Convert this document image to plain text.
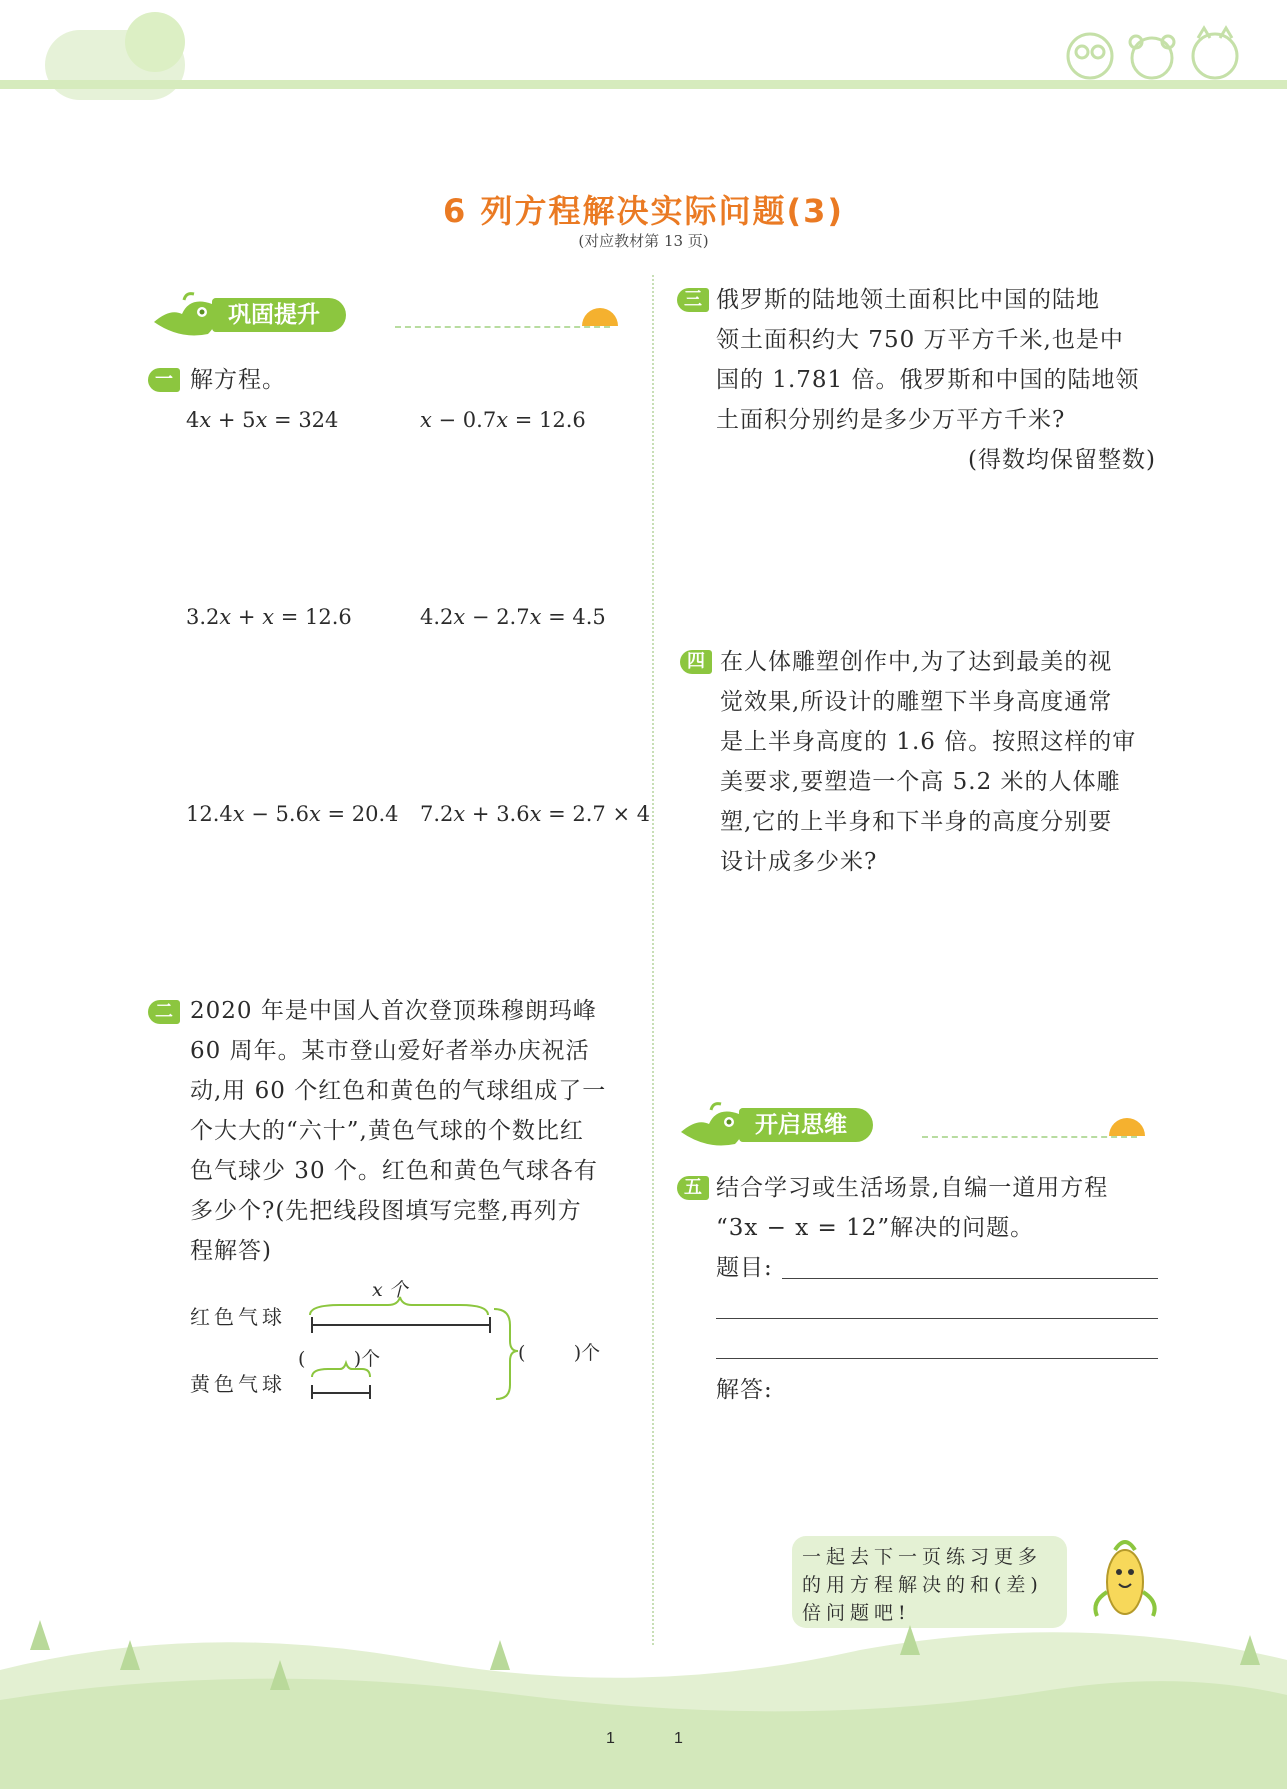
6 列方程解决实际问题(3)
(对应教材第 13 页)
巩固提升
一 解方程。
4x + 5x = 324	x − 0.7x = 12.6
3.2x + x = 12.6	4.2x − 2.7x = 4.5
12.4x − 5.6x = 20.4 7.2x + 3.6x = 2.7 × 4
二 2020 年是中国人首次登顶珠穆朗玛峰
60 周年。某市登山爱好者举办庆祝活
动,用 60 个红色和黄色的气球组成了一
个大大的“六十”,黄色气球的个数比红
色气球少 30 个。红色和黄色气球各有
多少个?(先把线段图填写完整,再列方
程解答)
红色气球
黄色气球
x 个
(        )个	(        )个
三 俄罗斯的陆地领土面积比中国的陆地
领土面积约大 750 万平方千米,也是中
国的 1.781 倍。俄罗斯和中国的陆地领
土面积分别约是多少万平方千米?
(得数均保留整数)
四 在人体雕塑创作中,为了达到最美的视
觉效果,所设计的雕塑下半身高度通常
是上半身高度的 1.6 倍。按照这样的审
美要求,要塑造一个高 5.2 米的人体雕
塑,它的上半身和下半身的高度分别要
设计成多少米?
开启思维
五 结合学习或生活场景,自编一道用方程
“3x − x = 12”解决的问题。
题目:
解答:
一起去下一页练习更多
的用方程解决的和(差)
倍问题吧!
1	1
